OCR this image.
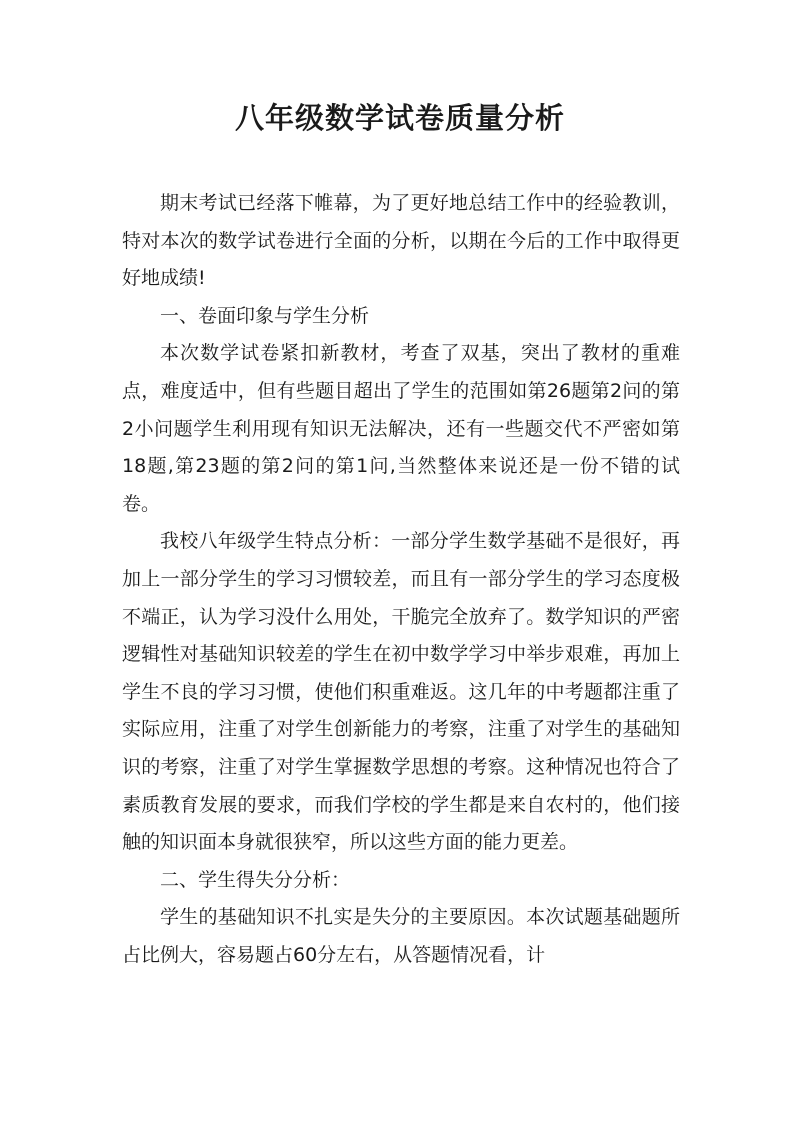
八年级数学试卷质量分析

期末考试已经落下帷幕，为了更好地总结工作中的经验教训，特对本次的数学试卷进行全面的分析，以期在今后的工作中取得更好地成绩!

一、卷面印象与学生分析

本次数学试卷紧扣新教材，考查了双基，突出了教材的重难点，难度适中，但有些题目超出了学生的范围如第26题第2问的第2小问题学生利用现有知识无法解决，还有一些题交代不严密如第18题,第23题的第2问的第1问,当然整体来说还是一份不错的试卷。

我校八年级学生特点分析：一部分学生数学基础不是很好，再加上一部分学生的学习习惯较差，而且有一部分学生的学习态度极不端正，认为学习没什么用处，干脆完全放弃了。数学知识的严密逻辑性对基础知识较差的学生在初中数学学习中举步艰难，再加上学生不良的学习习惯，使他们积重难返。这几年的中考题都注重了实际应用，注重了对学生创新能力的考察，注重了对学生的基础知识的考察，注重了对学生掌握数学思想的考察。这种情况也符合了素质教育发展的要求，而我们学校的学生都是来自农村的，他们接触的知识面本身就很狭窄，所以这些方面的能力更差。

二、学生得失分分析：

学生的基础知识不扎实是失分的主要原因。本次试题基础题所占比例大，容易题占60分左右，从答题情况看，计
